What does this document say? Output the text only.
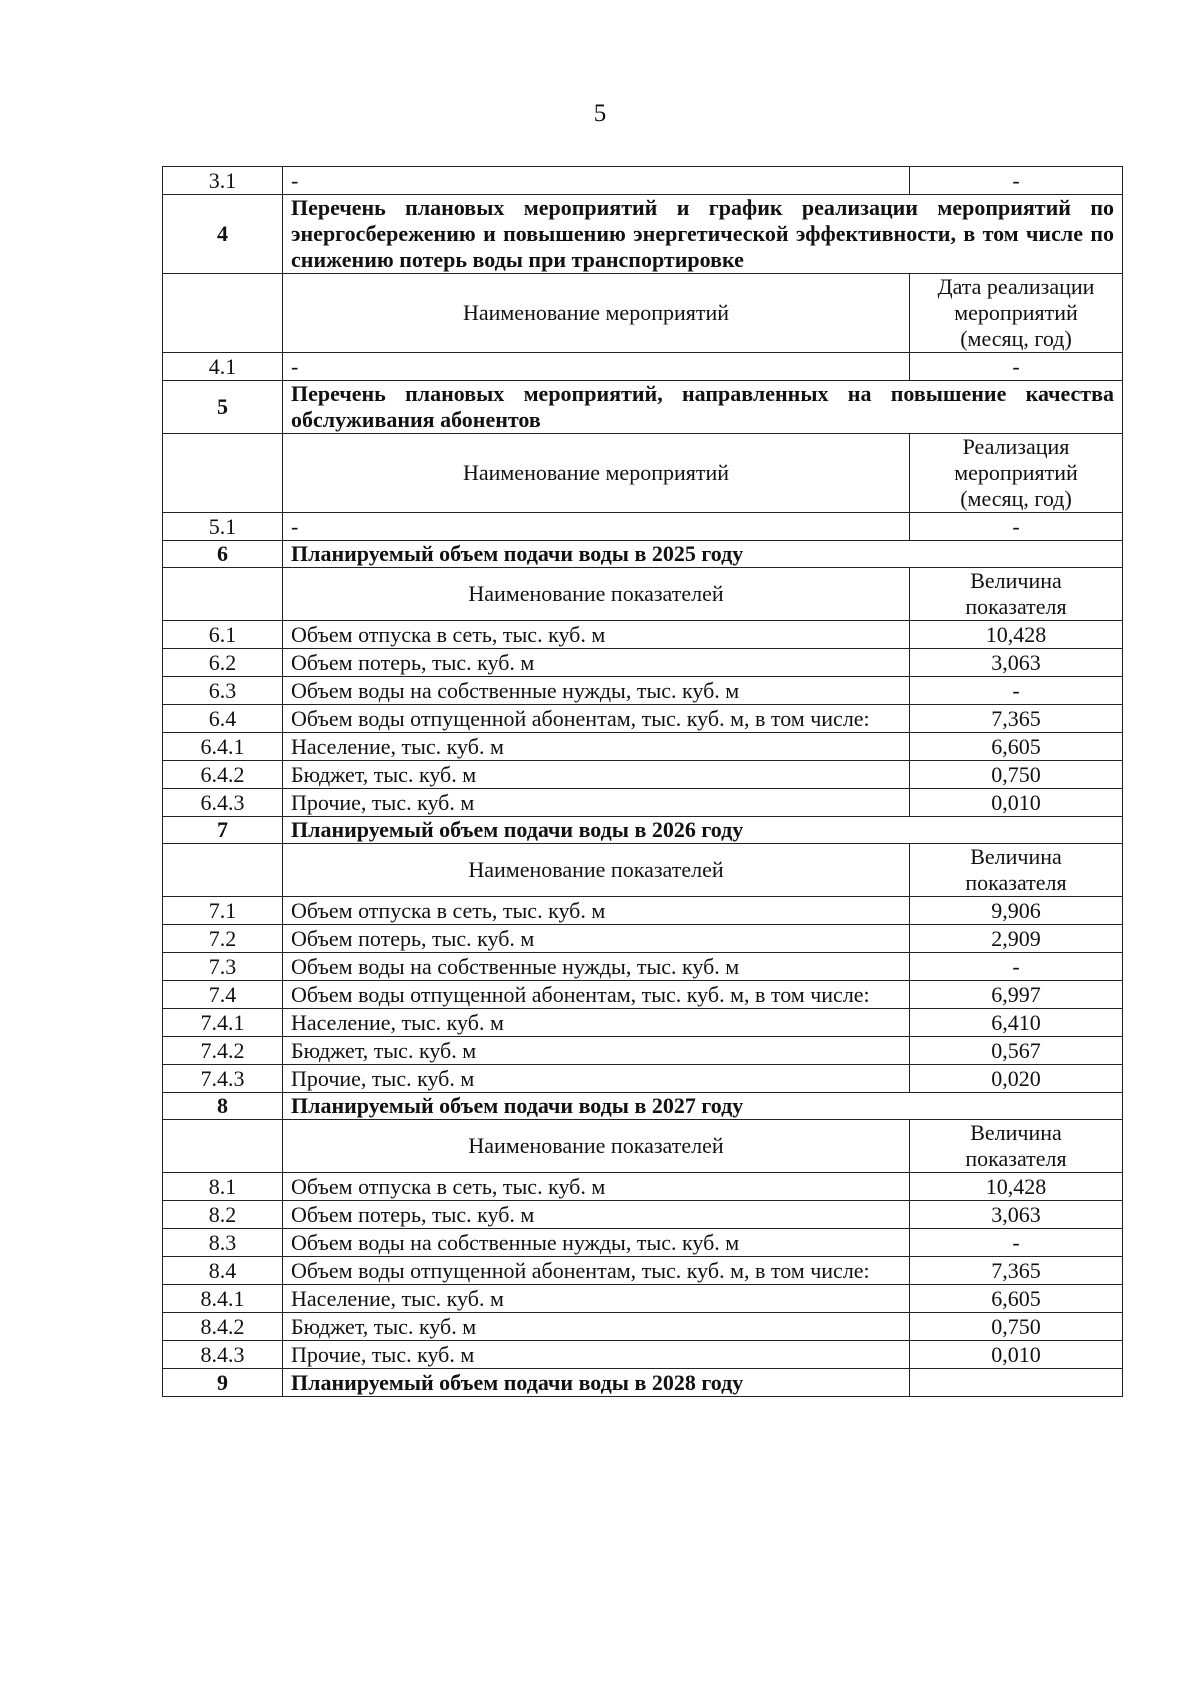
5
3.1	-	-
4	Перечень плановых мероприятий и график реализации мероприятий по энергосбережению и повышению энергетической эффективности, в том числе по снижению потерь воды при транспортировке	
	Наименование мероприятий	Дата реализации мероприятий (месяц, год)
4.1	-	-
5	Перечень плановых мероприятий, направленных на повышение качества обслуживания абонентов	
	Наименование мероприятий	Реализация мероприятий (месяц, год)
5.1	-	-
6	Планируемый объем подачи воды в 2025 году	
	Наименование показателей	Величина показателя
6.1	Объем отпуска в сеть, тыс. куб. м	10,428
6.2	Объем потерь, тыс. куб. м	3,063
6.3	Объем воды на собственные нужды, тыс. куб. м	-
6.4	Объем воды отпущенной абонентам, тыс. куб. м, в том числе:	7,365
6.4.1	Население, тыс. куб. м	6,605
6.4.2	Бюджет, тыс. куб. м	0,750
6.4.3	Прочие, тыс. куб. м	0,010
7	Планируемый объем подачи воды в 2026 году	
	Наименование показателей	Величина показателя
7.1	Объем отпуска в сеть, тыс. куб. м	9,906
7.2	Объем потерь, тыс. куб. м	2,909
7.3	Объем воды на собственные нужды, тыс. куб. м	-
7.4	Объем воды отпущенной абонентам, тыс. куб. м, в том числе:	6,997
7.4.1	Население, тыс. куб. м	6,410
7.4.2	Бюджет, тыс. куб. м	0,567
7.4.3	Прочие, тыс. куб. м	0,020
8	Планируемый объем подачи воды в 2027 году	
	Наименование показателей	Величина показателя
8.1	Объем отпуска в сеть, тыс. куб. м	10,428
8.2	Объем потерь, тыс. куб. м	3,063
8.3	Объем воды на собственные нужды, тыс. куб. м	-
8.4	Объем воды отпущенной абонентам, тыс. куб. м, в том числе:	7,365
8.4.1	Население, тыс. куб. м	6,605
8.4.2	Бюджет, тыс. куб. м	0,750
8.4.3	Прочие, тыс. куб. м	0,010
9	Планируемый объем подачи воды в 2028 году	
